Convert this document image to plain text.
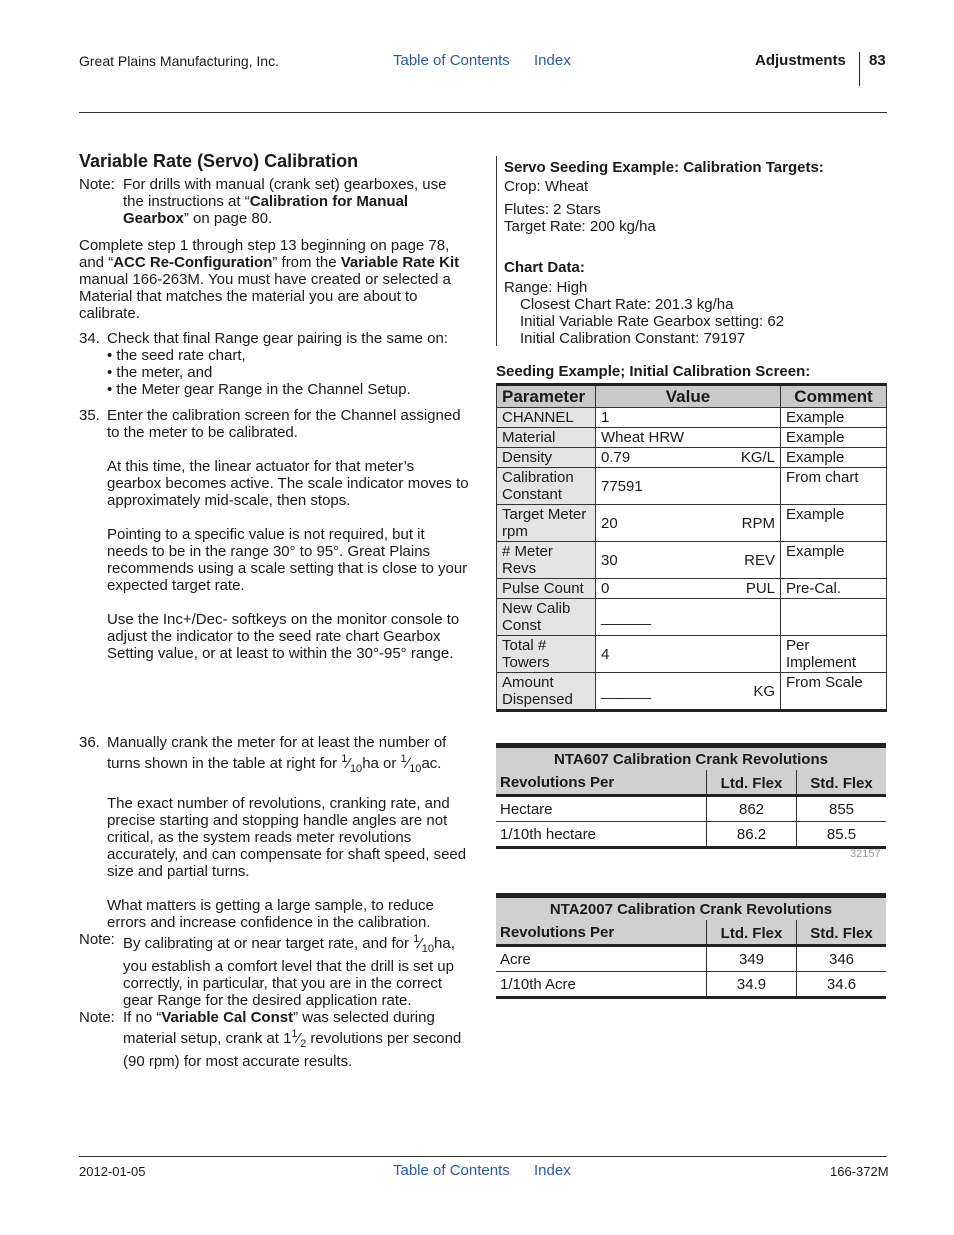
Great Plains Manufacturing, Inc.	Table of Contents Index	Adjustments 83
Variable Rate (Servo) Calibration
Note: For drills with manual (crank set) gearboxes, use the instructions at “Calibration for Manual Gearbox” on page 80.

Complete step 1 through step 13 beginning on page 78, and “ACC Re-Configuration” from the Variable Rate Kit manual 166-263M. You must have created or selected a Material that matches the material you are about to calibrate.

34. Check that final Range gear pairing is the same on:

• the seed rate chart,

• the meter, and

• the Meter gear Range in the Channel Setup.

35. Enter the calibration screen for the Channel assigned to the meter to be calibrated.

At this time, the linear actuator for that meter’s gearbox becomes active. The scale indicator moves to approximately mid-scale, then stops.

Pointing to a specific value is not required, but it needs to be in the range 30° to 95°. Great Plains recommends using a scale setting that is close to your expected target rate.

Use the Inc+/Dec- softkeys on the monitor console to adjust the indicator to the seed rate chart Gearbox Setting value, or at least to within the 30°-95° range.

36. Manually crank the meter for at least the number of turns shown in the table at right for $^1⁄_{10}ha$ or $^1⁄_{10}ac$.

The exact number of revolutions, cranking rate, and precise starting and stopping handle angles are not critical, as the system reads meter revolutions accurately, and can compensate for shaft speed, seed size and partial turns.

What matters is getting a large sample, to reduce errors and increase confidence in the calibration.

Note: By calibrating at or near target rate, and for $^1⁄_{10}ha$, you establish a comfort level that the drill is set up correctly, in particular, that you are in the correct gear Range for the desired application rate.

Note: If no “Variable Cal Const” was selected during material setup, crank at $1^1⁄_2$ revolutions per second (90 rpm) for most accurate results.

Servo Seeding Example: Calibration Targets:

Crop: Wheat

Flutes: 2 Stars

Target Rate: 200 kg/ha

Chart Data:

Range: High

Closest Chart Rate: 201.3 kg/ha

Initial Variable Rate Gearbox setting: 62

Initial Calibration Constant: 79197

Seeding Example; Initial Calibration Screen:
Parameter	Value	Comment
CHANNEL	1	Example
Material	Wheat HRW	Example
Density	0.79 KG/L	Example
Calibration Constant	77591	From chart
Target Meter rpm	20 RPM	Example
# Meter Revs	30 REV	Example
Pulse Count	0 PUL	Pre-Cal.
New Calib Const	______

Total # Towers	4	Per Implement
Amount Dispensed	______ KG	From Scale
NTA607 Calibration Crank Revolutions		
Revolutions Per	Ltd. Flex	Std. Flex
Hectare	862	855
1/10th hectare	86.2	85.5
32157
NTA2007 Calibration Crank Revolutions		
Revolutions Per	Ltd. Flex	Std. Flex
Acre	349	346
1/10th Acre	34.9	34.6
2012-01-05	Table of Contents Index	166-372M
